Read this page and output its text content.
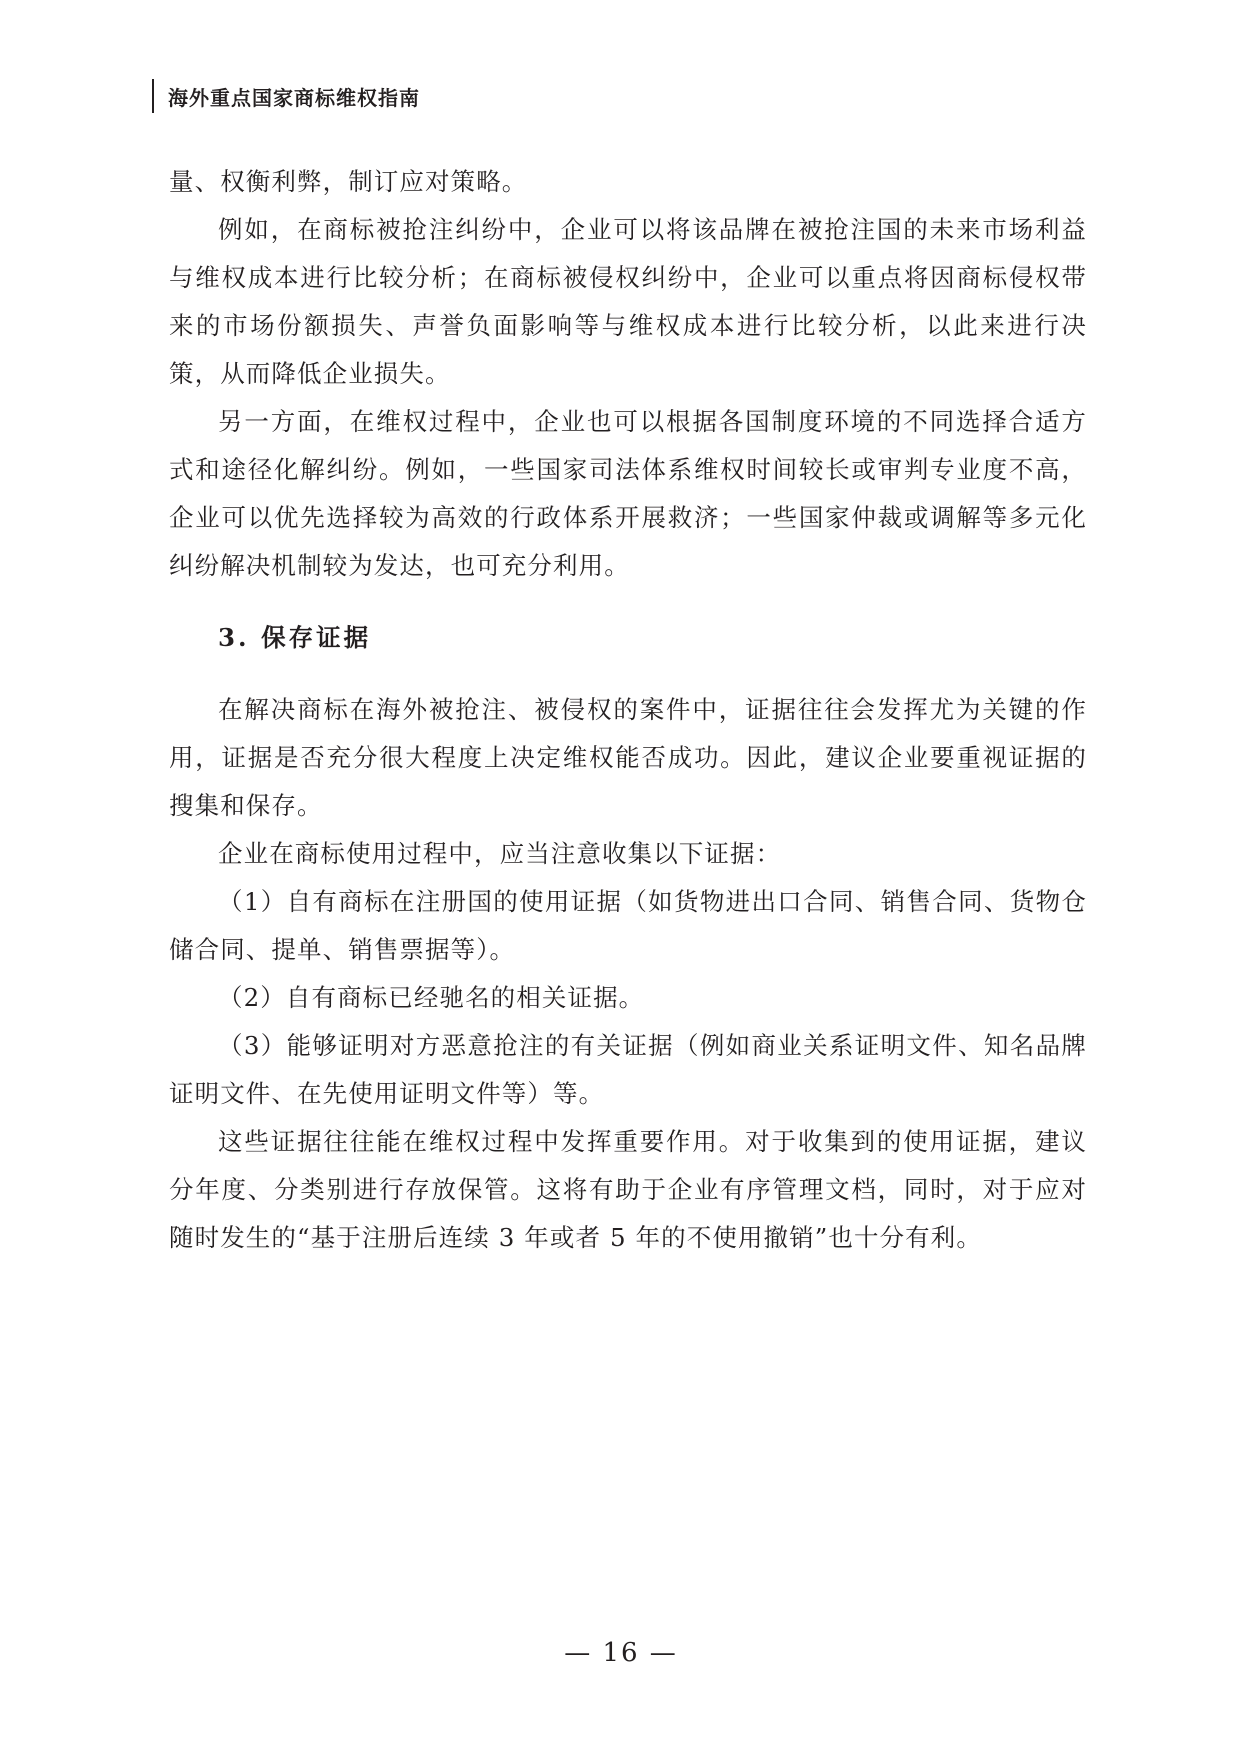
海外重点国家商标维权指南

量、权衡利弊，制订应对策略。

例如，在商标被抢注纠纷中，企业可以将该品牌在被抢注国的未来市场利益与维权成本进行比较分析；在商标被侵权纠纷中，企业可以重点将因商标侵权带来的市场份额损失、声誉负面影响等与维权成本进行比较分析，以此来进行决策，从而降低企业损失。

另一方面，在维权过程中，企业也可以根据各国制度环境的不同选择合适方式和途径化解纠纷。例如，一些国家司法体系维权时间较长或审判专业度不高，企业可以优先选择较为高效的行政体系开展救济；一些国家仲裁或调解等多元化纠纷解决机制较为发达，也可充分利用。

3. 保存证据

在解决商标在海外被抢注、被侵权的案件中，证据往往会发挥尤为关键的作用，证据是否充分很大程度上决定维权能否成功。因此，建议企业要重视证据的搜集和保存。

企业在商标使用过程中，应当注意收集以下证据：

（1）自有商标在注册国的使用证据（如货物进出口合同、销售合同、货物仓储合同、提单、销售票据等）。

（2）自有商标已经驰名的相关证据。

（3）能够证明对方恶意抢注的有关证据（例如商业关系证明文件、知名品牌证明文件、在先使用证明文件等）等。

这些证据往往能在维权过程中发挥重要作用。对于收集到的使用证据，建议分年度、分类别进行存放保管。这将有助于企业有序管理文档，同时，对于应对随时发生的“基于注册后连续 3 年或者 5 年的不使用撤销”也十分有利。

— 16 —
